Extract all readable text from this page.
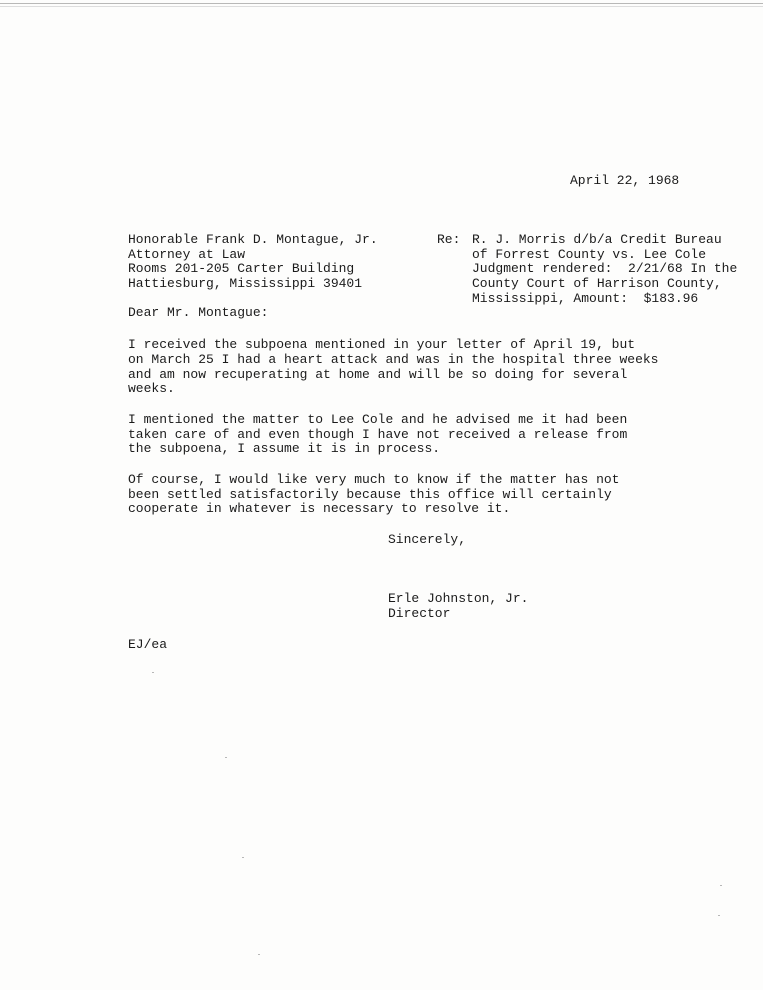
April 22, 1968
Honorable Frank D. Montague, Jr.
Attorney at Law
Rooms 201-205 Carter Building
Hattiesburg, Mississippi 39401
Re: R. J. Morris d/b/a Credit Bureau
of Forrest County vs. Lee Cole
Judgment rendered:  2/21/68 In the
County Court of Harrison County,
Mississippi, Amount:  $183.96
Dear Mr. Montague:
I received the subpoena mentioned in your letter of April 19, but
on March 25 I had a heart attack and was in the hospital three weeks
and am now recuperating at home and will be so doing for several
weeks.
I mentioned the matter to Lee Cole and he advised me it had been
taken care of and even though I have not received a release from
the subpoena, I assume it is in process.
Of course, I would like very much to know if the matter has not
been settled satisfactorily because this office will certainly
cooperate in whatever is necessary to resolve it.
Sincerely,
Erle Johnston, Jr.
Director
EJ/ea
